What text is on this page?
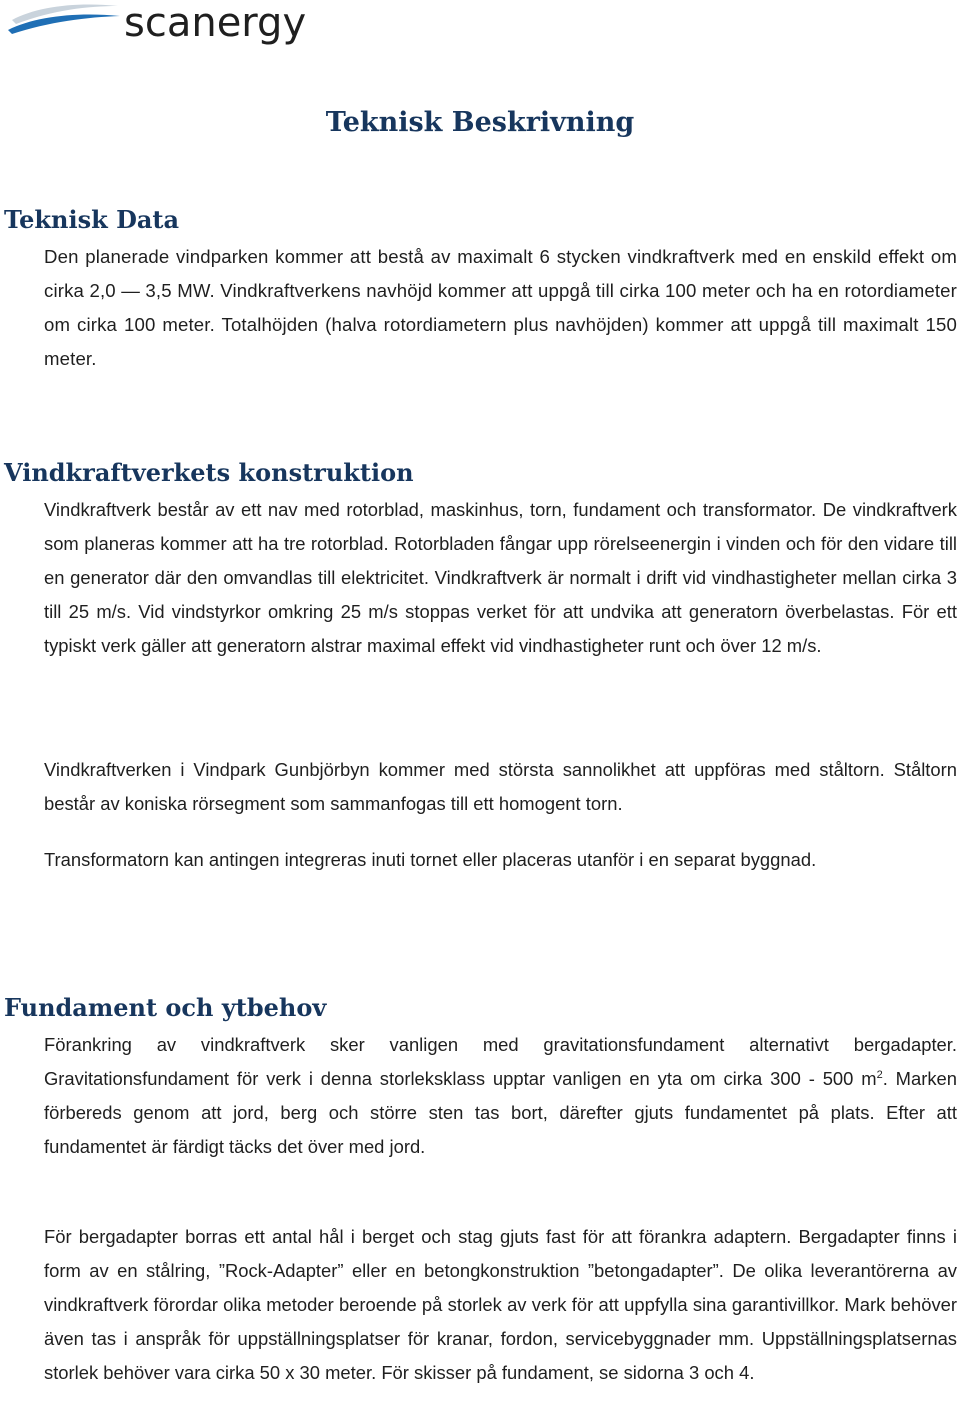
scanergy
Teknisk Beskrivning
Teknisk Data

Den planerade vindparken kommer att bestå av maximalt 6 stycken vindkraftverk med en enskild effekt om cirka 2,0 — 3,5 MW. Vindkraftverkens navhöjd kommer att uppgå till cirka 100 meter och ha en rotordiameter om cirka 100 meter. Totalhöjden (halva rotordiametern plus navhöjden) kommer att uppgå till maximalt 150 meter.

Vindkraftverkets konstruktion

Vindkraftverk består av ett nav med rotorblad, maskinhus, torn, fundament och transformator. De vindkraftverk som planeras kommer att ha tre rotorblad. Rotorbladen fångar upp rörelseenergin i vinden och för den vidare till en generator där den omvandlas till elektricitet. Vindkraftverk är normalt i drift vid vindhastigheter mellan cirka 3 till 25 m/s. Vid vindstyrkor omkring 25 m/s stoppas verket för att undvika att generatorn överbelastas. För ett typiskt verk gäller att generatorn alstrar maximal effekt vid vindhastigheter runt och över 12 m/s.

Vindkraftverken i Vindpark Gunbjörbyn kommer med största sannolikhet att uppföras med ståltorn. Ståltorn består av koniska rörsegment som sammanfogas till ett homogent torn.

Transformatorn kan antingen integreras inuti tornet eller placeras utanför i en separat byggnad.

Fundament och ytbehov

Förankring av vindkraftverk sker vanligen med gravitationsfundament alternativt bergadapter. Gravitationsfundament för verk i denna storleksklass upptar vanligen en yta om cirka 300 - 500 $m^2$. Marken förbereds genom att jord, berg och större sten tas bort, därefter gjuts fundamentet på plats. Efter att fundamentet är färdigt täcks det över med jord.

För bergadapter borras ett antal hål i berget och stag gjuts fast för att förankra adaptern. Bergadapter finns i form av en stålring, ”Rock-Adapter” eller en betongkonstruktion ”betongadapter”. De olika leverantörerna av vindkraftverk förordar olika metoder beroende på storlek av verk för att uppfylla sina garantivillkor. Mark behöver även tas i anspråk för uppställningsplatser för kranar, fordon, servicebyggnader mm. Uppställningsplatsernas storlek behöver vara cirka 50 x 30 meter. För skisser på fundament, se sidorna 3 och 4.
